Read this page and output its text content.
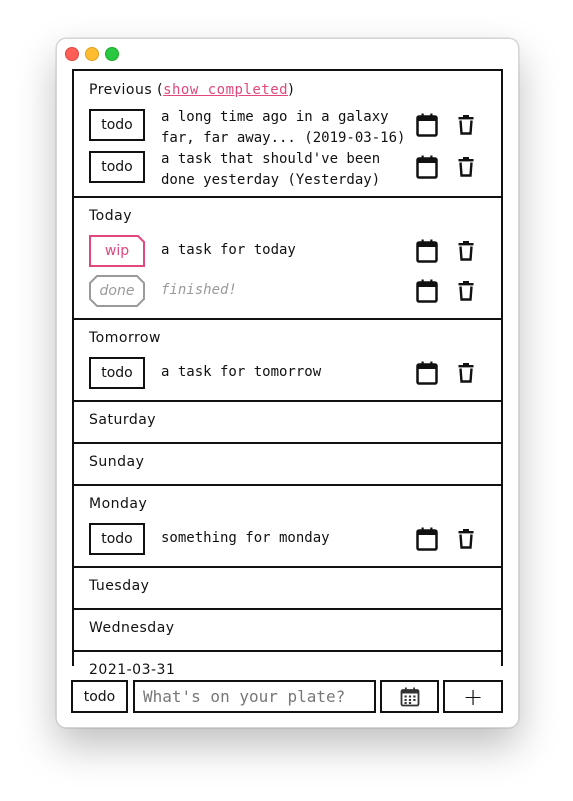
Previous (show completed)
todo a long time ago in a galaxy
far, far away... (2019-03-16)
todo a task that should've been
done yesterday (Yesterday)
Today
wip a task for today
done finished!
Tomorrow
todo a task for tomorrow
Saturday
Sunday
Monday
todo something for monday
Tuesday
Wednesday
2021-03-31
todo
What's on your plate?	+
